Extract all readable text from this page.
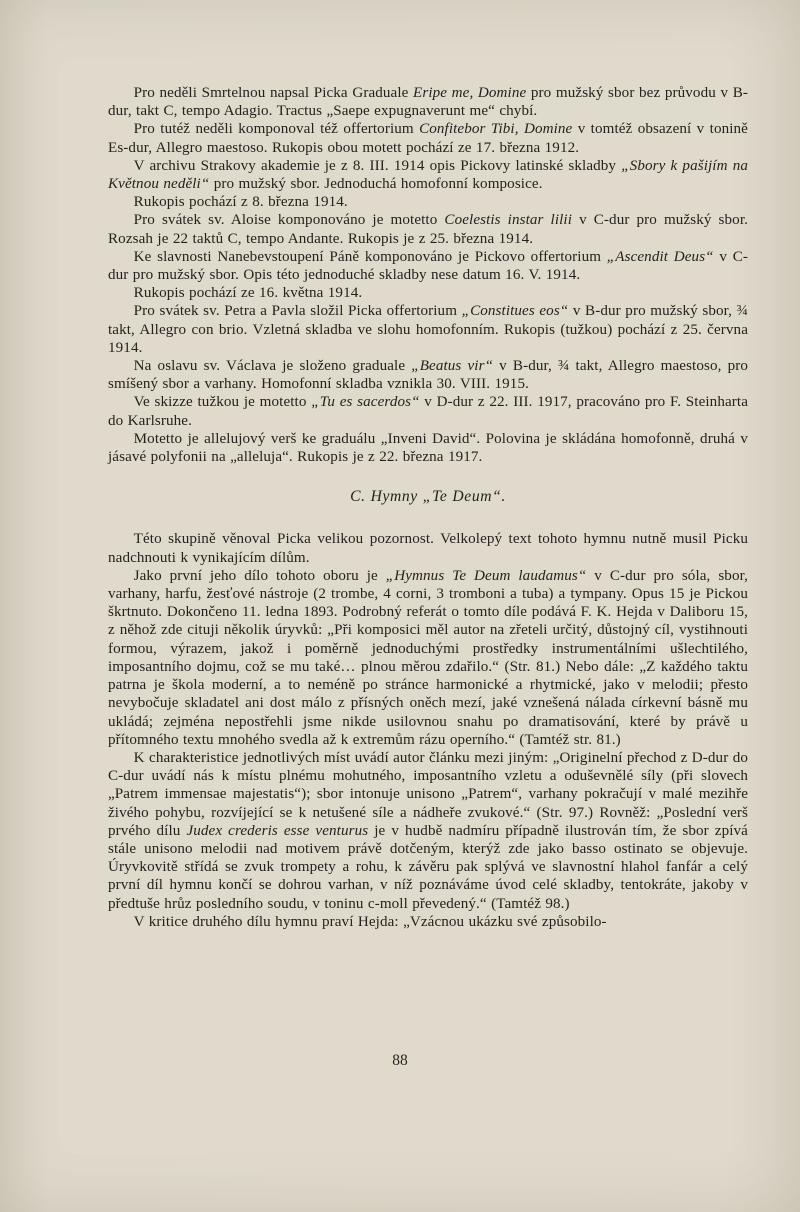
Pro neděli Smrtelnou napsal Picka Graduale Eripe me, Domine pro mužský sbor bez průvodu v B-dur, takt C, tempo Adagio. Tractus „Saepe expugnaverunt me“ chybí.

Pro tutéž neděli komponoval též offertorium Confitebor Tibi, Domine v tomtéž obsazení v tonině Es-dur, Allegro maestoso. Rukopis obou motett pochází ze 17. března 1912.

V archivu Strakovy akademie je z 8. III. 1914 opis Pickovy latinské skladby „Sbory k pašijím na Květnou neděli“ pro mužský sbor. Jednoduchá homofonní komposice.

Rukopis pochází z 8. března 1914.

Pro svátek sv. Aloise komponováno je motetto Coelestis instar lilii v C-dur pro mužský sbor. Rozsah je 22 taktů C, tempo Andante. Rukopis je z 25. března 1914.

Ke slavnosti Nanebevstoupení Páně komponováno je Pickovo offertorium „Ascendit Deus“ v C-dur pro mužský sbor. Opis této jednoduché skladby nese datum 16. V. 1914.

Rukopis pochází ze 16. května 1914.

Pro svátek sv. Petra a Pavla složil Picka offertorium „Constitues eos“ v B-dur pro mužský sbor, ¾ takt, Allegro con brio. Vzletná skladba ve slohu homofonním. Rukopis (tužkou) pochází z 25. června 1914.

Na oslavu sv. Václava je složeno graduale „Beatus vir“ v B-dur, ¾ takt, Allegro maestoso, pro smíšený sbor a varhany. Homofonní skladba vznikla 30. VIII. 1915.

Ve skizze tužkou je motetto „Tu es sacerdos“ v D-dur z 22. III. 1917, pracováno pro F. Steinharta do Karlsruhe.

Motetto je allelujový verš ke graduálu „Inveni David“. Polovina je skládána homofonně, druhá v jásavé polyfonii na „alleluja“. Rukopis je z 22. března 1917.

C. Hymny „Te Deum“.

Této skupině věnoval Picka velikou pozornost. Velkolepý text tohoto hymnu nutně musil Picku nadchnouti k vynikajícím dílům.

Jako první jeho dílo tohoto oboru je „Hymnus Te Deum laudamus“ v C-dur pro sóla, sbor, varhany, harfu, žesťové nástroje (2 trombe, 4 corni, 3 tromboni a tuba) a tympany. Opus 15 je Pickou škrtnuto. Dokončeno 11. ledna 1893. Podrobný referát o tomto díle podává F. K. Hejda v Daliboru 15, z něhož zde cituji několik úryvků: „Při komposici měl autor na zřeteli určitý, důstojný cíl, vystihnouti formou, výrazem, jakož i poměrně jednoduchými prostředky instrumentálními ušlechtilého, imposantního dojmu, což se mu také… plnou měrou zdařilo.“ (Str. 81.) Nebo dále: „Z každého taktu patrna je škola moderní, a to neméně po stránce harmonické a rhytmické, jako v melodii; přesto nevybočuje skladatel ani dost málo z přísných oněch mezí, jaké vznešená nálada církevní básně mu ukládá; zejména nepostřehli jsme nikde usilovnou snahu po dramatisování, které by právě u přítomného textu mnohého svedla až k extremům rázu operního.“ (Tamtéž str. 81.)

K charakteristice jednotlivých míst uvádí autor článku mezi jiným: „Originelní přechod z D-dur do C-dur uvádí nás k místu plnému mohutného, imposantního vzletu a oduševnělé síly (při slovech „Patrem immensae majestatis“); sbor intonuje unisono „Patrem“, varhany pokračují v malé mezihře živého pohybu, rozvíjející se k netušené síle a nádheře zvukové.“ (Str. 97.) Rovněž: „Poslední verš prvého dílu Judex crederis esse venturus je v hudbě nadmíru případně ilustrován tím, že sbor zpívá stále unisono melodii nad motivem právě dotčeným, kterýž zde jako basso ostinato se objevuje. Úryvkovitě střídá se zvuk trompety a rohu, k závěru pak splývá ve slavnostní hlahol fanfár a celý první díl hymnu končí se dohrou varhan, v níž poznáváme úvod celé skladby, tentokráte, jakoby v předtuše hrůz posledního soudu, v toninu c-moll převedený.“ (Tamtéž 98.)

V kritice druhého dílu hymnu praví Hejda: „Vzácnou ukázku své způsobilo-

88
